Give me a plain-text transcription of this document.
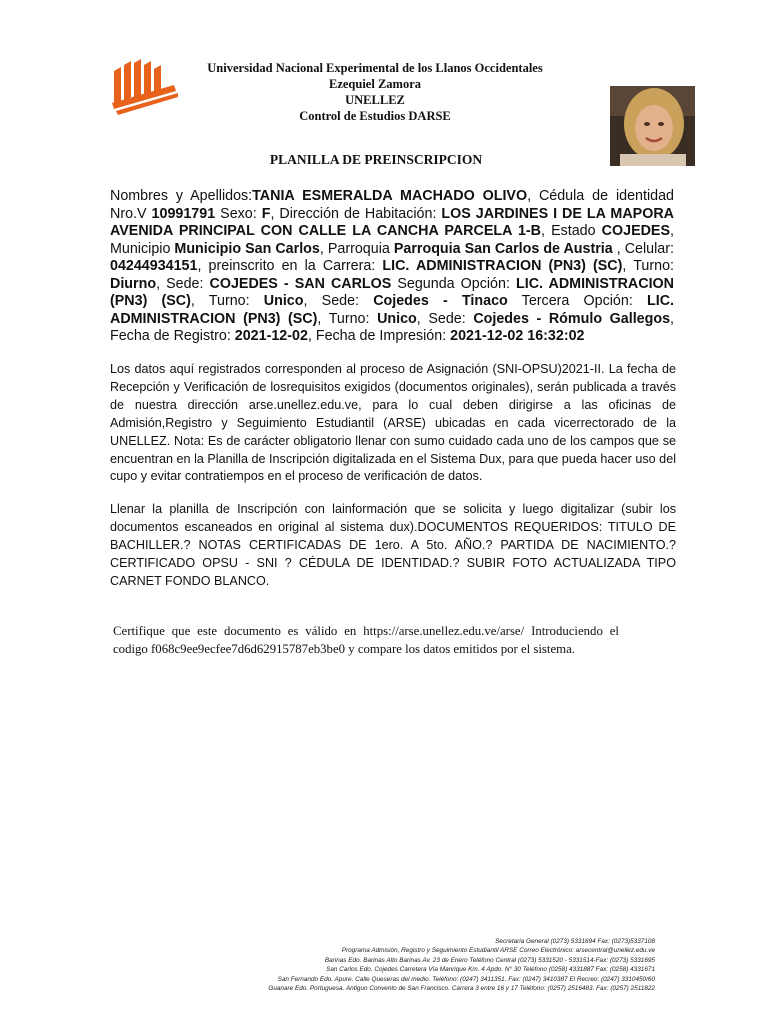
Universidad Nacional Experimental de los Llanos Occidentales
Ezequiel Zamora
UNELLEZ
Control de Estudios DARSE
PLANILLA DE PREINSCRIPCION
Nombres y Apellidos:TANIA ESMERALDA MACHADO OLIVO, Cédula de identidad Nro.V 10991791 Sexo: F, Dirección de Habitación: LOS JARDINES I DE LA MAPORA AVENIDA PRINCIPAL CON CALLE LA CANCHA PARCELA 1-B, Estado COJEDES, Municipio Municipio San Carlos, Parroquia Parroquia San Carlos de Austria , Celular: 04244934151, preinscrito en la Carrera: LIC. ADMINISTRACION (PN3) (SC), Turno: Diurno, Sede: COJEDES - SAN CARLOS Segunda Opción: LIC. ADMINISTRACION (PN3) (SC), Turno: Unico, Sede: Cojedes - Tinaco Tercera Opción: LIC. ADMINISTRACION (PN3) (SC), Turno: Unico, Sede: Cojedes - Rómulo Gallegos, Fecha de Registro: 2021-12-02, Fecha de Impresión: 2021-12-02 16:32:02
Los datos aquí registrados corresponden al proceso de Asignación (SNI-OPSU)2021-II. La fecha de Recepción y Verificación de losrequisitos exigidos (documentos originales), serán publicada a través de nuestra dirección arse.unellez.edu.ve, para lo cual deben dirigirse a las oficinas de Admisión,Registro y Seguimiento Estudiantil (ARSE) ubicadas en cada vicerrectorado de la UNELLEZ. Nota: Es de carácter obligatorio llenar con sumo cuidado cada uno de los campos que se encuentran en la Planilla de Inscripción digitalizada en el Sistema Dux, para que pueda hacer uso del cupo y evitar contratiempos en el proceso de verificación de datos.
Llenar la planilla de Inscripción con lainformación que se solicita y luego digitalizar (subir los documentos escaneados en original al sistema dux).DOCUMENTOS REQUERIDOS: TITULO DE BACHILLER.? NOTAS CERTIFICADAS DE 1ero. A 5to. AÑO.? PARTIDA DE NACIMIENTO.? CERTIFICADO OPSU - SNI ? CÉDULA DE IDENTIDAD.? SUBIR FOTO ACTUALIZADA TIPO CARNET FONDO BLANCO.
Certifique que este documento es válido en https://arse.unellez.edu.ve/arse/ Introduciendo el codigo f068c9ee9ecfee7d6d62915787eb3be0 y compare los datos emitidos por el sistema.
Secretaria General (0273) 5331694 Fax: (0273)5337108
Programa Admisión, Registro y Seguimiento Estudiantil ARSE Correo Electrónico: arsecentral@unellez.edu.ve
Barinas Edo. Barinas Alto Barinas Av. 23 de Enero Teléfono Central (0273) 5331520 - 5331514-Fax: (0273) 5331695
San Carlos Edo. Cojedes Carretera Vía Manrique Km. 4 Apdo. N° 30 Teléfono (0258) 4331887 Fax: (0258) 4331671
San Fernando Edo. Apure. Calle Queseras del medio. Teléfono: (0247) 3411351. Fax: (0247) 3410387 El Recreo: (0247) 3310450/60
Guanare Edo. Portuguesa. Antiguo Convento de San Francisco. Carrera 3 entre 16 y 17 Teléfono: (0257) 2516483. Fax: (0257) 2511822
